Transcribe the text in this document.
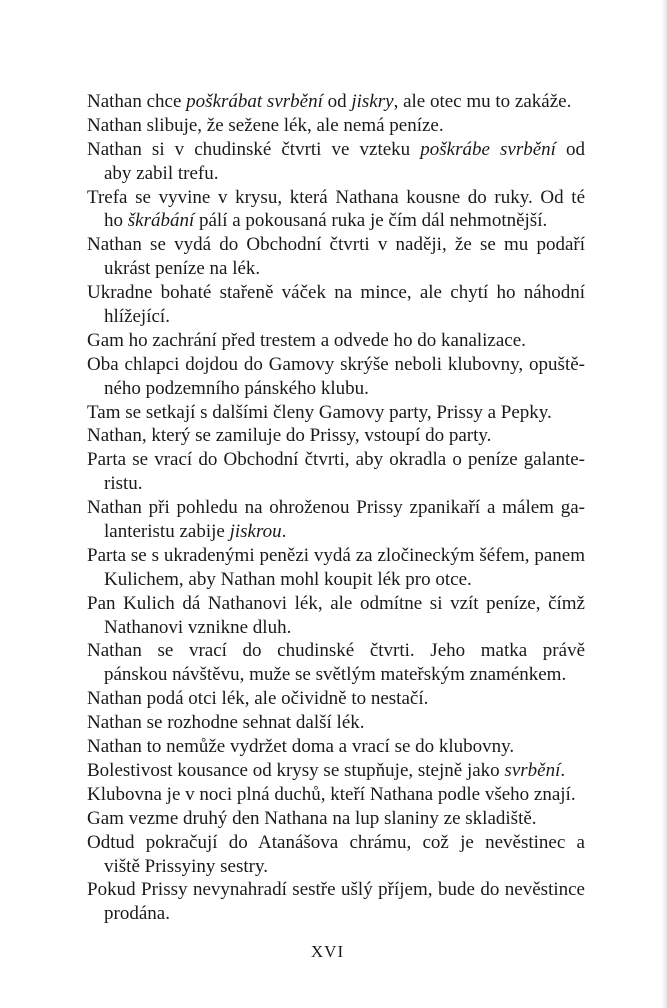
Nathan chce poškrábat svrbění od jiskry, ale otec mu to zakáže.
Nathan slibuje, že sežene lék, ale nemá peníze.
Nathan si v chudinské čtvrti ve vzteku poškrábe svrbění od
aby zabil trefu.
Trefa se vyvine v krysu, která Nathana kousne do ruky. Od té
ho škrábání pálí a pokousaná ruka je čím dál nehmotnější.
Nathan se vydá do Obchodní čtvrti v naději, že se mu podaří
ukrást peníze na lék.
Ukradne bohaté stařeně váček na mince, ale chytí ho náhodní
hlížející.
Gam ho zachrání před trestem a odvede ho do kanalizace.
Oba chlapci dojdou do Gamovy skrýše neboli klubovny, opuště-
ného podzemního pánského klubu.
Tam se setkají s dalšími členy Gamovy party, Prissy a Pepky.
Nathan, který se zamiluje do Prissy, vstoupí do party.
Parta se vrací do Obchodní čtvrti, aby okradla o peníze galante-
ristu.
Nathan při pohledu na ohroženou Prissy zpanikaří a málem ga-
lanteristu zabije jiskrou.
Parta se s ukradenými penězi vydá za zločineckým šéfem, panem
Kulichem, aby Nathan mohl koupit lék pro otce.
Pan Kulich dá Nathanovi lék, ale odmítne si vzít peníze, čímž
Nathanovi vznikne dluh.
Nathan se vrací do chudinské čtvrti. Jeho matka právě
pánskou návštěvu, muže se světlým mateřským znaménkem.
Nathan podá otci lék, ale očividně to nestačí.
Nathan se rozhodne sehnat další lék.
Nathan to nemůže vydržet doma a vrací se do klubovny.
Bolestivost kousance od krysy se stupňuje, stejně jako svrbění.
Klubovna je v noci plná duchů, kteří Nathana podle všeho znají.
Gam vezme druhý den Nathana na lup slaniny ze skladiště.
Odtud pokračují do Atanášova chrámu, což je nevěstinec a
viště Prissyiny sestry.
Pokud Prissy nevynahradí sestře ušlý příjem, bude do nevěstince
prodána.
XVI
